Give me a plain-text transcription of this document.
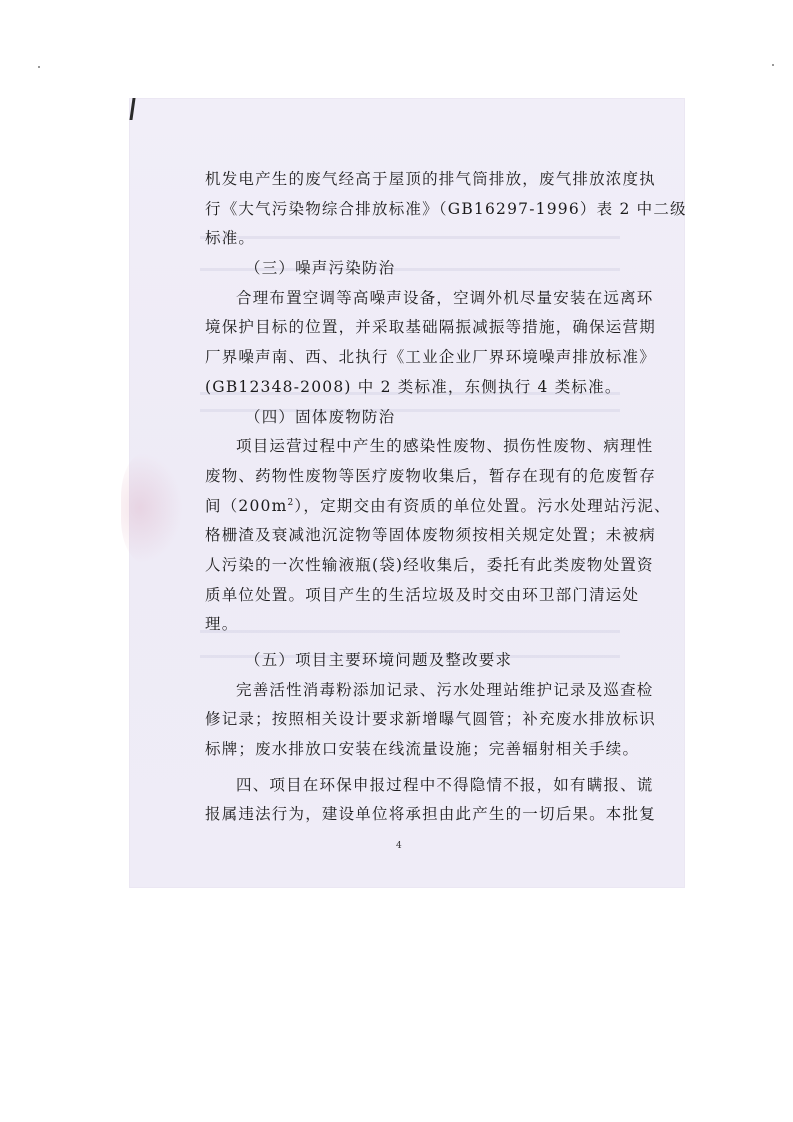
机发电产生的废气经高于屋顶的排气筒排放，废气排放浓度执
行《大气污染物综合排放标准》（GB16297-1996）表 2 中二级
标准。
（三）噪声污染防治
合理布置空调等高噪声设备，空调外机尽量安装在远离环
境保护目标的位置，并采取基础隔振减振等措施，确保运营期
厂界噪声南、西、北执行《工业企业厂界环境噪声排放标准》
(GB12348-2008) 中 2 类标准，东侧执行 4 类标准。
（四）固体废物防治
项目运营过程中产生的感染性废物、损伤性废物、病理性
废物、药物性废物等医疗废物收集后，暂存在现有的危废暂存
间$(200m^2)$，定期交由有资质的单位处置。污水处理站污泥、
格栅渣及衰减池沉淀物等固体废物须按相关规定处置；未被病
人污染的一次性输液瓶(袋)经收集后，委托有此类废物处置资
质单位处置。项目产生的生活垃圾及时交由环卫部门清运处
理。
（五）项目主要环境问题及整改要求
完善活性消毒粉添加记录、污水处理站维护记录及巡查检
修记录；按照相关设计要求新增曝气圆管；补充废水排放标识
标牌；废水排放口安装在线流量设施；完善辐射相关手续。
四、项目在环保申报过程中不得隐情不报，如有瞒报、谎
报属违法行为，建设单位将承担由此产生的一切后果。本批复
4
